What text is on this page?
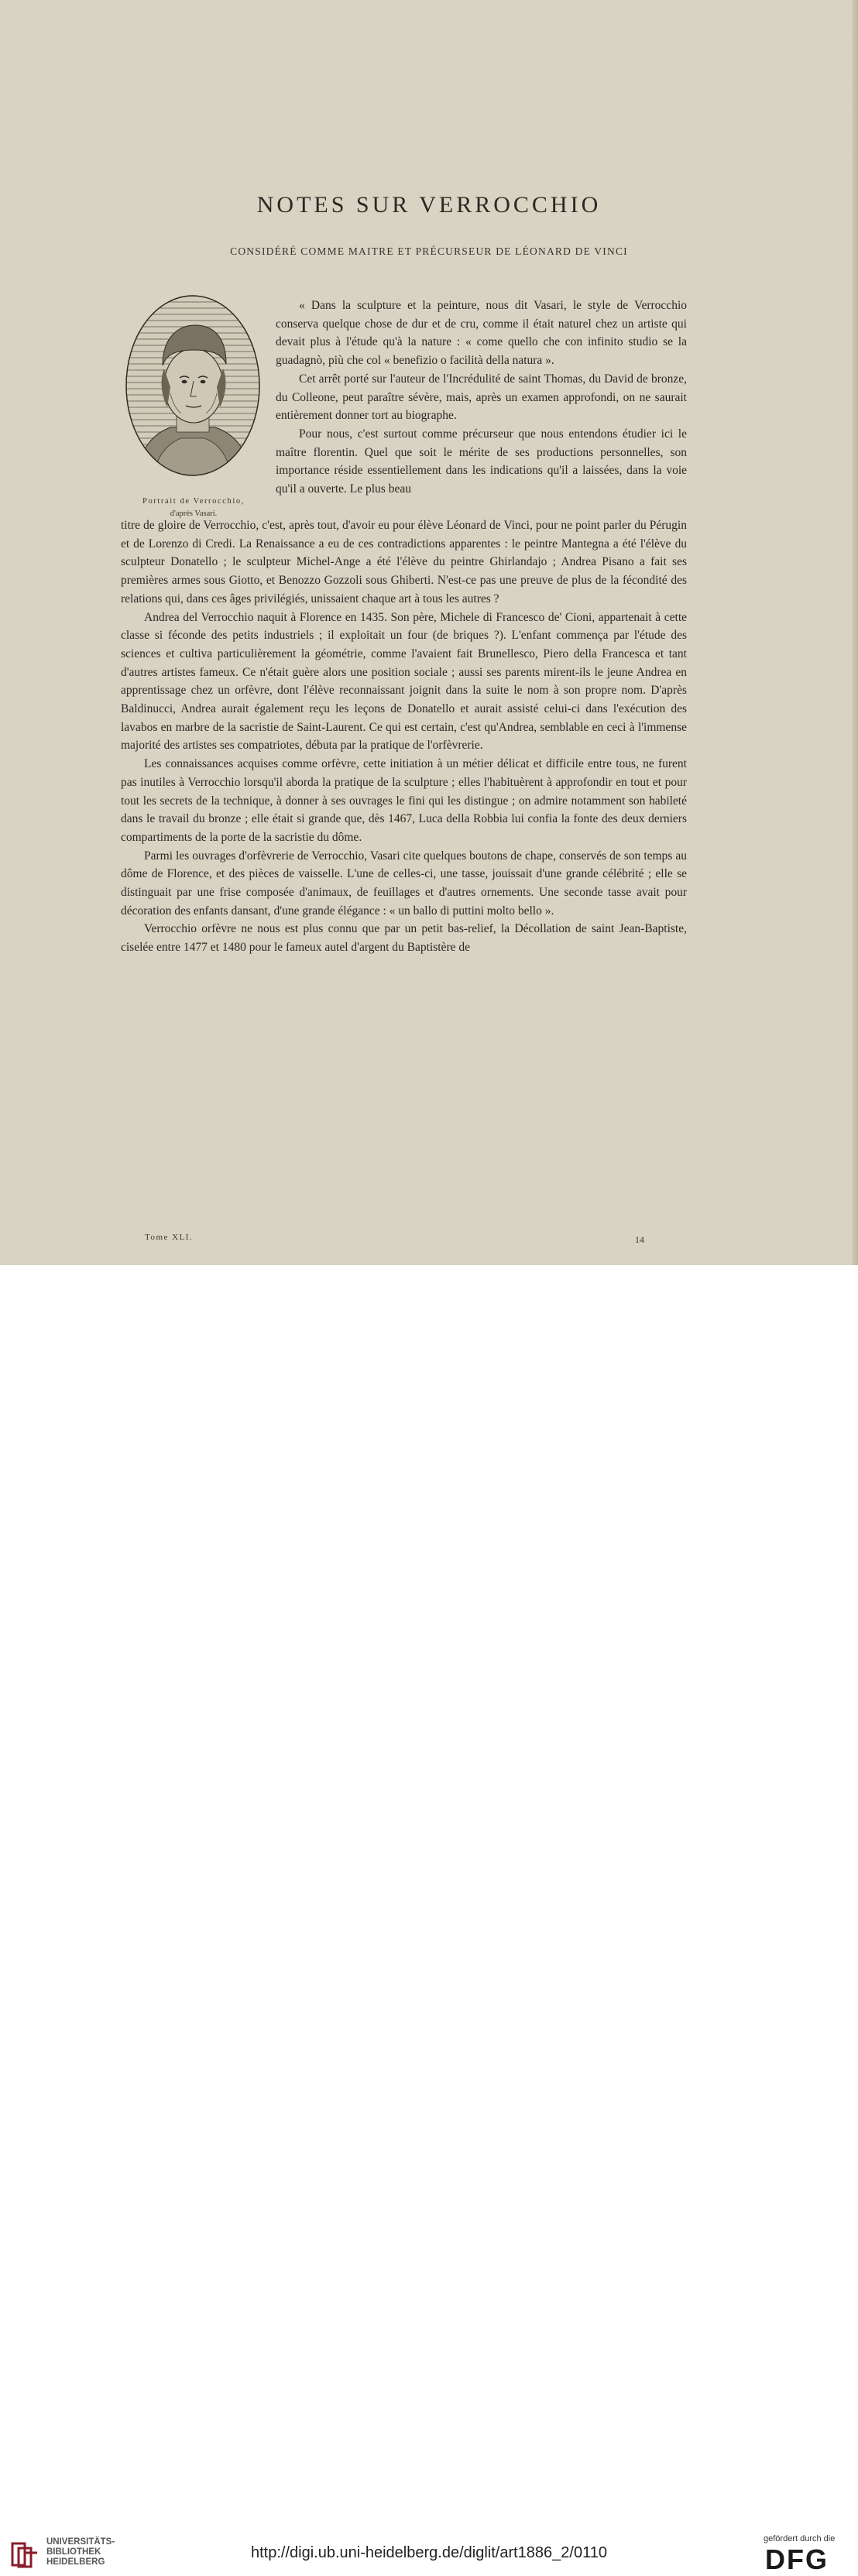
NOTES SUR VERROCCHIO
CONSIDÉRÉ COMME MAITRE ET PRÉCURSEUR DE LÉONARD DE VINCI
Portrait de Verrocchio,
d'après Vasari.

« Dans la sculpture et la peinture, nous dit Vasari, le style de Verrocchio conserva quelque chose de dur et de cru, comme il était naturel chez un artiste qui devait plus à l'étude qu'à la nature : « come quello che con infinito studio se la guadagnò, più che col « benefizio o facilità della natura ».

Cet arrêt porté sur l'auteur de l'Incrédulité de saint Thomas, du David de bronze, du Colleone, peut paraître sévère, mais, après un examen approfondi, on ne saurait entièrement donner tort au biographe.

Pour nous, c'est surtout comme précurseur que nous entendons étudier ici le maître florentin. Quel que soit le mérite de ses productions personnelles, son importance réside essentiellement dans les indications qu'il a laissées, dans la voie qu'il a ouverte. Le plus beau

titre de gloire de Verrocchio, c'est, après tout, d'avoir eu pour élève Léonard de Vinci, pour ne point parler du Pérugin et de Lorenzo di Credi. La Renaissance a eu de ces contradictions apparentes : le peintre Mantegna a été l'élève du sculpteur Donatello ; le sculpteur Michel-Ange a été l'élève du peintre Ghirlandajo ; Andrea Pisano a fait ses premières armes sous Giotto, et Benozzo Gozzoli sous Ghiberti. N'est-ce pas une preuve de plus de la fécondité des relations qui, dans ces âges privilégiés, unissaient chaque art à tous les autres ?

Andrea del Verrocchio naquit à Florence en 1435. Son père, Michele di Francesco de' Cioni, appartenait à cette classe si féconde des petits industriels ; il exploitait un four (de briques ?). L'enfant commença par l'étude des sciences et cultiva particulièrement la géométrie, comme l'avaient fait Brunellesco, Piero della Francesca et tant d'autres artistes fameux. Ce n'était guère alors une position sociale ; aussi ses parents mirent-ils le jeune Andrea en apprentissage chez un orfèvre, dont l'élève reconnaissant joignit dans la suite le nom à son propre nom. D'après Baldinucci, Andrea aurait également reçu les leçons de Donatello et aurait assisté celui-ci dans l'exécution des lavabos en marbre de la sacristie de Saint-Laurent. Ce qui est certain, c'est qu'Andrea, semblable en ceci à l'immense majorité des artistes ses compatriotes, débuta par la pratique de l'orfèvrerie.

Les connaissances acquises comme orfèvre, cette initiation à un métier délicat et difficile entre tous, ne furent pas inutiles à Verrocchio lorsqu'il aborda la pratique de la sculpture ; elles l'habituèrent à approfondir en tout et pour tout les secrets de la technique, à donner à ses ouvrages le fini qui les distingue ; on admire notamment son habileté dans le travail du bronze ; elle était si grande que, dès 1467, Luca della Robbia lui confia la fonte des deux derniers compartiments de la porte de la sacristie du dôme.

Parmi les ouvrages d'orfèvrerie de Verrocchio, Vasari cite quelques boutons de chape, conservés de son temps au dôme de Florence, et des pièces de vaisselle. L'une de celles-ci, une tasse, jouissait d'une grande célébrité ; elle se distinguait par une frise composée d'animaux, de feuillages et d'autres ornements. Une seconde tasse avait pour décoration des enfants dansant, d'une grande élégance : « un ballo di puttini molto bello ».

Verrocchio orfèvre ne nous est plus connu que par un petit bas-relief, la Décollation de saint Jean-Baptiste, ciselée entre 1477 et 1480 pour le fameux autel d'argent du Baptistère de

Tome XLI.	14
UNIVERSITÄTS-
BIBLIOTHEK
HEIDELBERG
http://digi.ub.uni-heidelberg.de/diglit/art1886_2/0110
gefördert durch die
DFG
